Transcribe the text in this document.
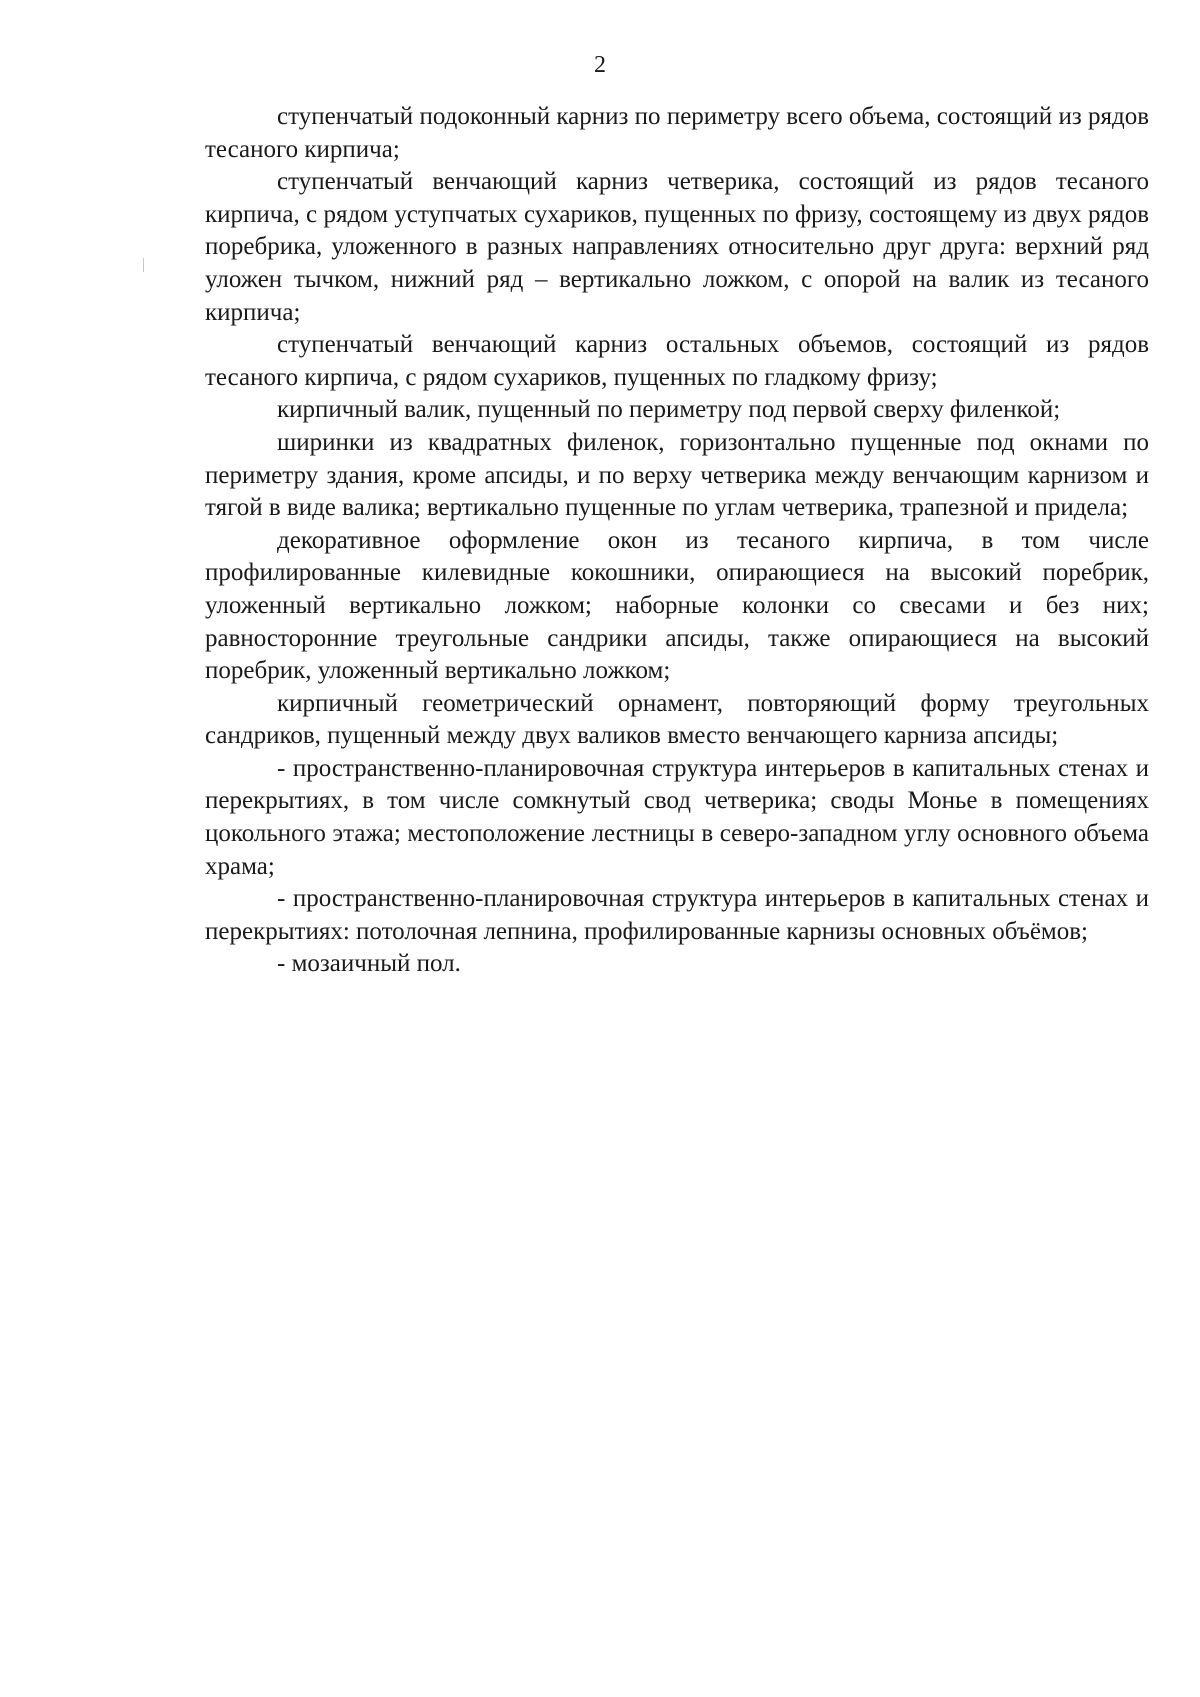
2

ступенчатый подоконный карниз по периметру всего объема, состоящий из рядов тесаного кирпича;

ступенчатый венчающий карниз четверика, состоящий из рядов тесаного кирпича, с рядом уступчатых сухариков, пущенных по фризу, состоящему из двух рядов поребрика, уложенного в разных направлениях относительно друг друга: верхний ряд уложен тычком, нижний ряд – вертикально ложком, с опорой на валик из тесаного кирпича;

ступенчатый венчающий карниз остальных объемов, состоящий из рядов тесаного кирпича, с рядом сухариков, пущенных по гладкому фризу;

кирпичный валик, пущенный по периметру под первой сверху филенкой;

ширинки из квадратных филенок, горизонтально пущенные под окнами по периметру здания, кроме апсиды, и по верху четверика между венчающим карнизом и тягой в виде валика; вертикально пущенные по углам четверика, трапезной и придела;

декоративное оформление окон из тесаного кирпича, в том числе профилированные килевидные кокошники, опирающиеся на высокий поребрик, уложенный вертикально ложком; наборные колонки со свесами и без них; равносторонние треугольные сандрики апсиды, также опирающиеся на высокий поребрик, уложенный вертикально ложком;

кирпичный геометрический орнамент, повторяющий форму треугольных сандриков, пущенный между двух валиков вместо венчающего карниза апсиды;

- пространственно-планировочная структура интерьеров в капитальных стенах и перекрытиях, в том числе сомкнутый свод четверика; своды Монье в помещениях цокольного этажа; местоположение лестницы в северо-западном углу основного объема храма;

- пространственно-планировочная структура интерьеров в капитальных стенах и перекрытиях: потолочная лепнина, профилированные карнизы основных объёмов;

- мозаичный пол.
